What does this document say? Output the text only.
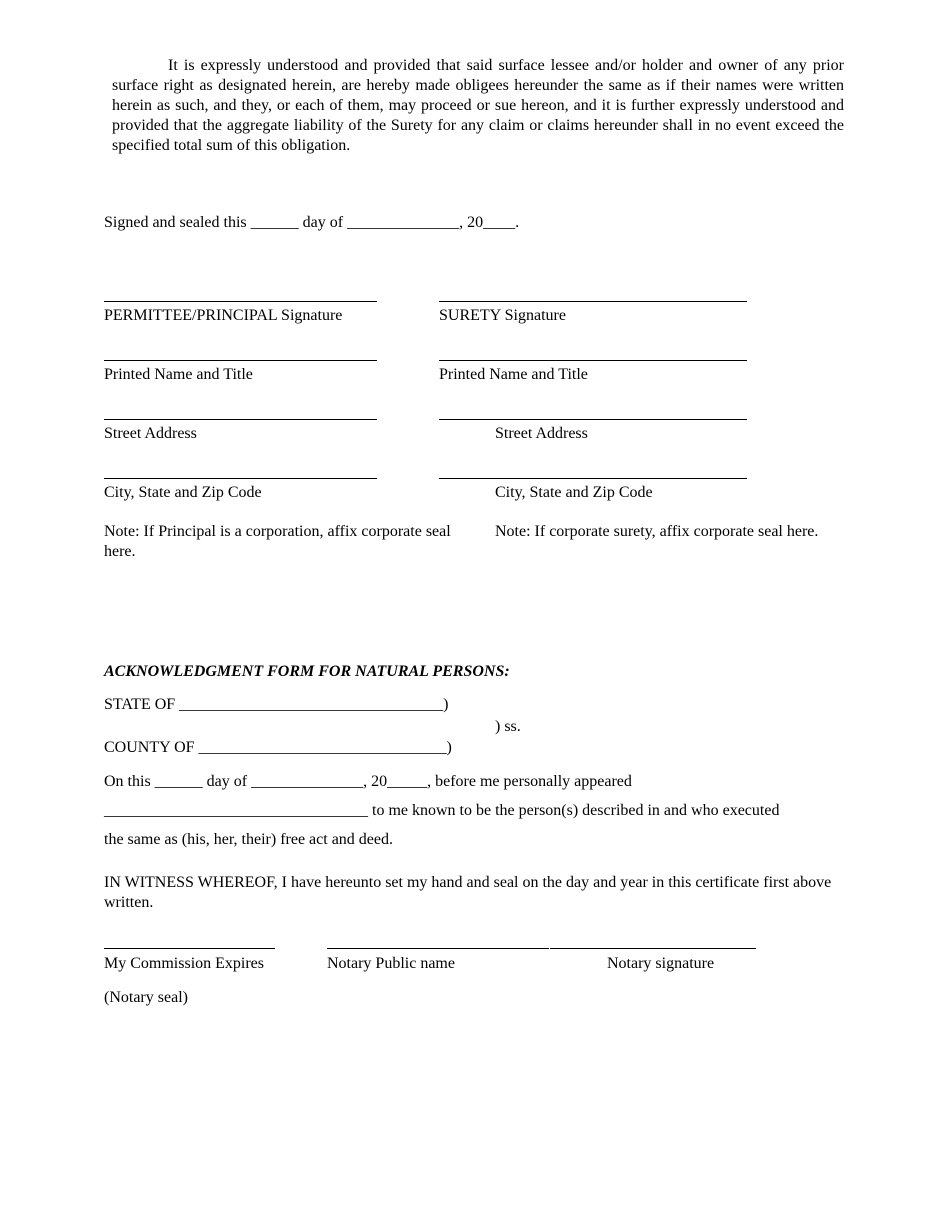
It is expressly understood and provided that said surface lessee and/or holder and owner of any prior surface right as designated herein, are hereby made obligees hereunder the same as if their names were written herein as such, and they, or each of them, may proceed or sue hereon, and it is further expressly understood and provided that the aggregate liability of the Surety for any claim or claims hereunder shall in no event exceed the specified total sum of this obligation.

Signed and sealed this ______ day of ______________, 20____.
PERMITTEE/PRINCIPAL Signature
Printed Name and Title
Street Address
City, State and Zip Code
Note: If Principal is a corporation, affix corporate seal here.
SURETY Signature
Printed Name and Title
Street Address
City, State and Zip Code
Note: If corporate surety, affix corporate seal here.
ACKNOWLEDGMENT FORM FOR NATURAL PERSONS:
STATE OF _________________________________)
) ss.
COUNTY OF _______________________________)
On this ______ day of ______________, 20_____, before me personally appeared
_________________________________ to me known to be the person(s) described in and who executed
the same as (his, her, their) free act and deed.
IN WITNESS WHEREOF, I have hereunto set my hand and seal on the day and year in this certificate first above written.
My Commission Expires	Notary Public name	Notary signature
(Notary seal)
